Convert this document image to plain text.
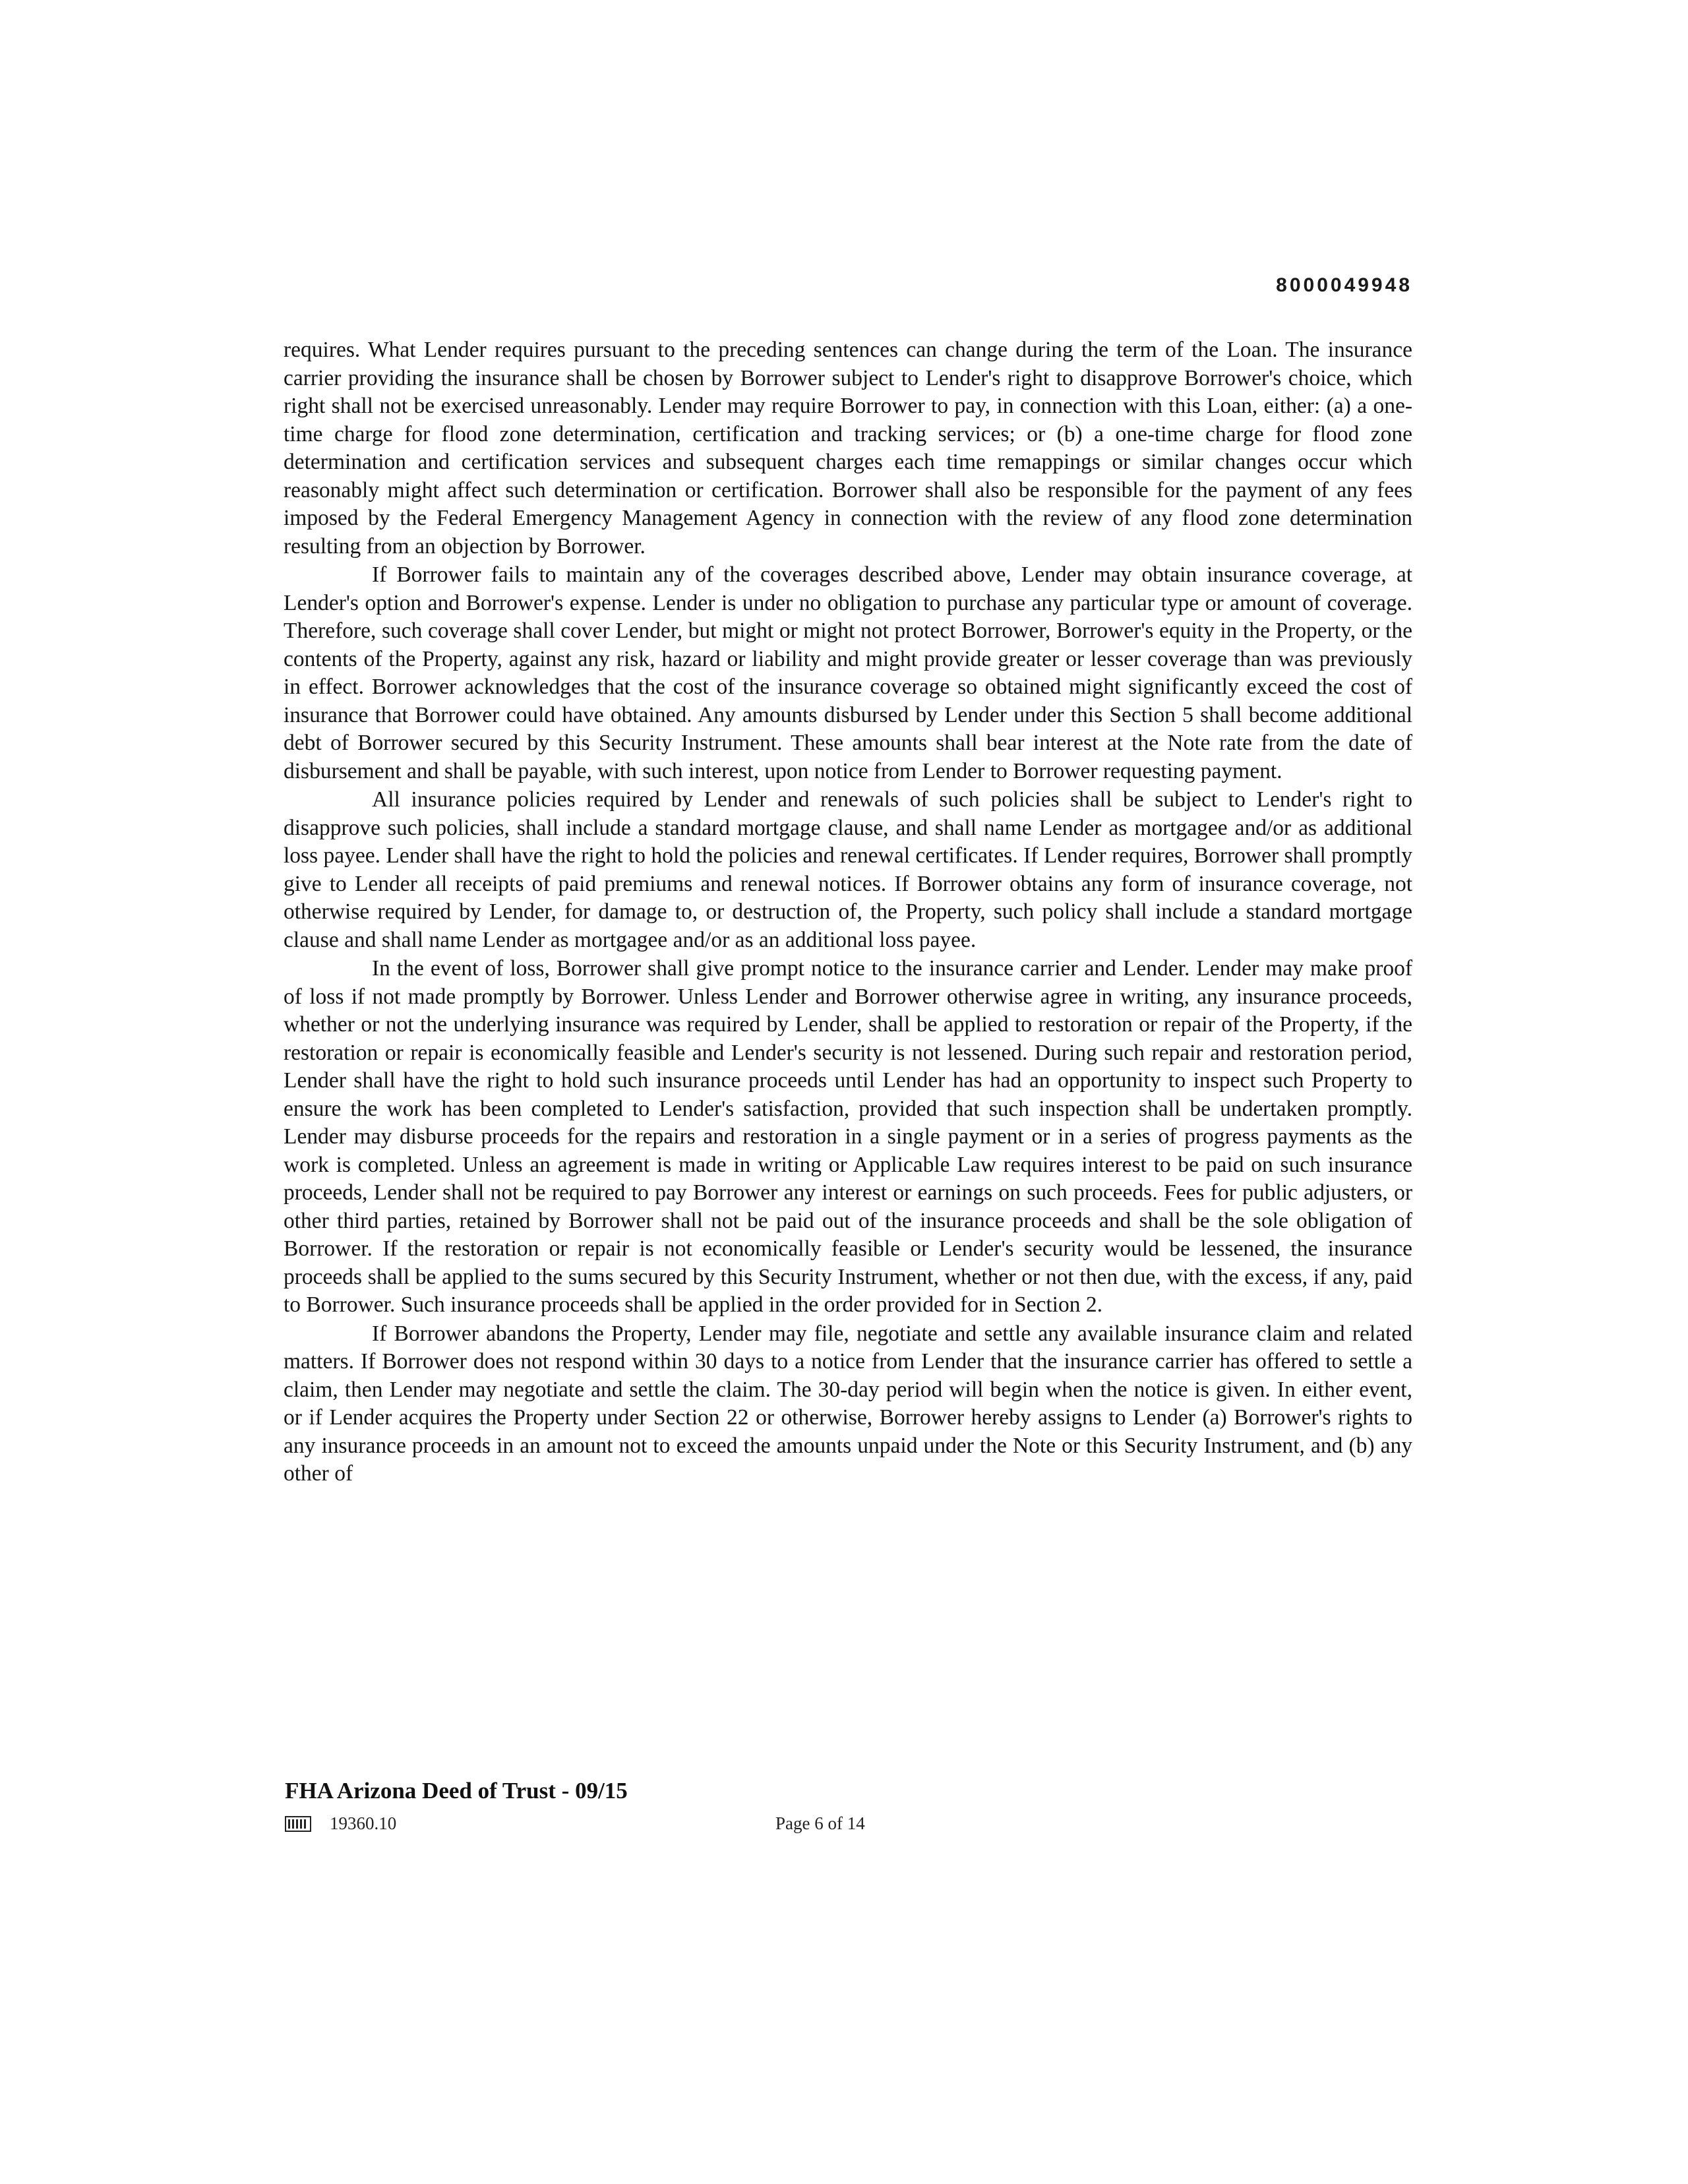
8000049948

requires. What Lender requires pursuant to the preceding sentences can change during the term of the Loan. The insurance carrier providing the insurance shall be chosen by Borrower subject to Lender's right to disapprove Borrower's choice, which right shall not be exercised unreasonably. Lender may require Borrower to pay, in connection with this Loan, either: (a) a one-time charge for flood zone determination, certification and tracking services; or (b) a one-time charge for flood zone determination and certification services and subsequent charges each time remappings or similar changes occur which reasonably might affect such determination or certification. Borrower shall also be responsible for the payment of any fees imposed by the Federal Emergency Management Agency in connection with the review of any flood zone determination resulting from an objection by Borrower.

If Borrower fails to maintain any of the coverages described above, Lender may obtain insurance coverage, at Lender's option and Borrower's expense. Lender is under no obligation to purchase any particular type or amount of coverage. Therefore, such coverage shall cover Lender, but might or might not protect Borrower, Borrower's equity in the Property, or the contents of the Property, against any risk, hazard or liability and might provide greater or lesser coverage than was previously in effect. Borrower acknowledges that the cost of the insurance coverage so obtained might significantly exceed the cost of insurance that Borrower could have obtained. Any amounts disbursed by Lender under this Section 5 shall become additional debt of Borrower secured by this Security Instrument. These amounts shall bear interest at the Note rate from the date of disbursement and shall be payable, with such interest, upon notice from Lender to Borrower requesting payment.

All insurance policies required by Lender and renewals of such policies shall be subject to Lender's right to disapprove such policies, shall include a standard mortgage clause, and shall name Lender as mortgagee and/or as additional loss payee. Lender shall have the right to hold the policies and renewal certificates. If Lender requires, Borrower shall promptly give to Lender all receipts of paid premiums and renewal notices. If Borrower obtains any form of insurance coverage, not otherwise required by Lender, for damage to, or destruction of, the Property, such policy shall include a standard mortgage clause and shall name Lender as mortgagee and/or as an additional loss payee.

In the event of loss, Borrower shall give prompt notice to the insurance carrier and Lender. Lender may make proof of loss if not made promptly by Borrower. Unless Lender and Borrower otherwise agree in writing, any insurance proceeds, whether or not the underlying insurance was required by Lender, shall be applied to restoration or repair of the Property, if the restoration or repair is economically feasible and Lender's security is not lessened. During such repair and restoration period, Lender shall have the right to hold such insurance proceeds until Lender has had an opportunity to inspect such Property to ensure the work has been completed to Lender's satisfaction, provided that such inspection shall be undertaken promptly. Lender may disburse proceeds for the repairs and restoration in a single payment or in a series of progress payments as the work is completed. Unless an agreement is made in writing or Applicable Law requires interest to be paid on such insurance proceeds, Lender shall not be required to pay Borrower any interest or earnings on such proceeds. Fees for public adjusters, or other third parties, retained by Borrower shall not be paid out of the insurance proceeds and shall be the sole obligation of Borrower. If the restoration or repair is not economically feasible or Lender's security would be lessened, the insurance proceeds shall be applied to the sums secured by this Security Instrument, whether or not then due, with the excess, if any, paid to Borrower. Such insurance proceeds shall be applied in the order provided for in Section 2.

If Borrower abandons the Property, Lender may file, negotiate and settle any available insurance claim and related matters. If Borrower does not respond within 30 days to a notice from Lender that the insurance carrier has offered to settle a claim, then Lender may negotiate and settle the claim. The 30-day period will begin when the notice is given. In either event, or if Lender acquires the Property under Section 22 or otherwise, Borrower hereby assigns to Lender (a) Borrower's rights to any insurance proceeds in an amount not to exceed the amounts unpaid under the Note or this Security Instrument, and (b) any other of

FHA Arizona Deed of Trust - 09/15
19360.10	Page 6 of 14
